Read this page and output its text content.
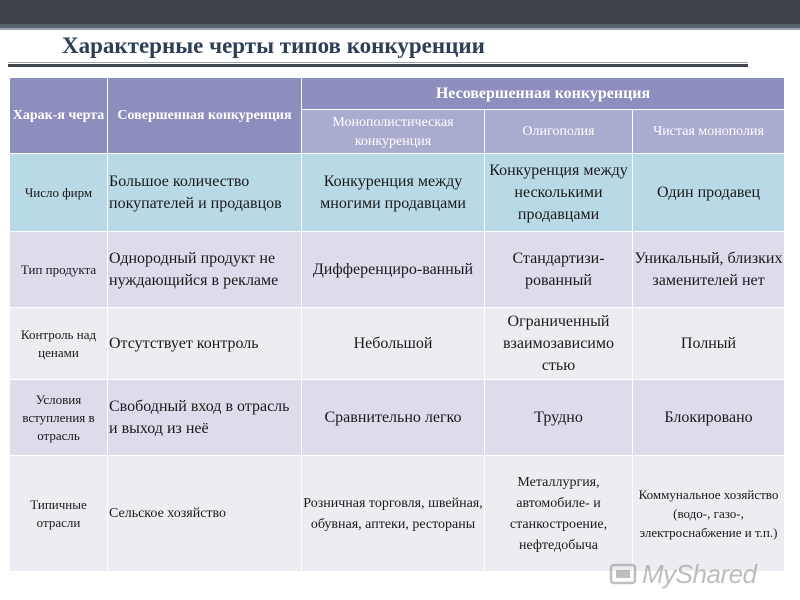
Характерные черты типов конкуренции
Харак-я черта	Совершенная конкуренция	Несовершенная конкуренция		
		Монополистическая конкуренция	Олигополия	Чистая монополия
Число фирм	Большое количество покупателей и продавцов	Конкуренция между многими продавцами	Конкуренция между несколькими продавцами	Один продавец
Тип продукта	Однородный продукт не нуждающийся в рекламе	Дифференциро-ванный	Стандартизи-рованный	Уникальный, близких заменителей нет
Контроль над ценами	Отсутствует контроль	Небольшой	Ограниченный взаимозависимо стью	Полный
Условия вступления в отрасль	Свободный вход в отрасль и выход из неё	Сравнительно легко	Трудно	Блокировано
Типичные отрасли	Сельское хозяйство	Розничная торговля, швейная, обувная, аптеки, рестораны	Металлургия, автомобиле- и станкостроение, нефтедобыча	Коммунальное хозяйство (водо-, газо-, электроснабжение и т.п.)
MyShared
